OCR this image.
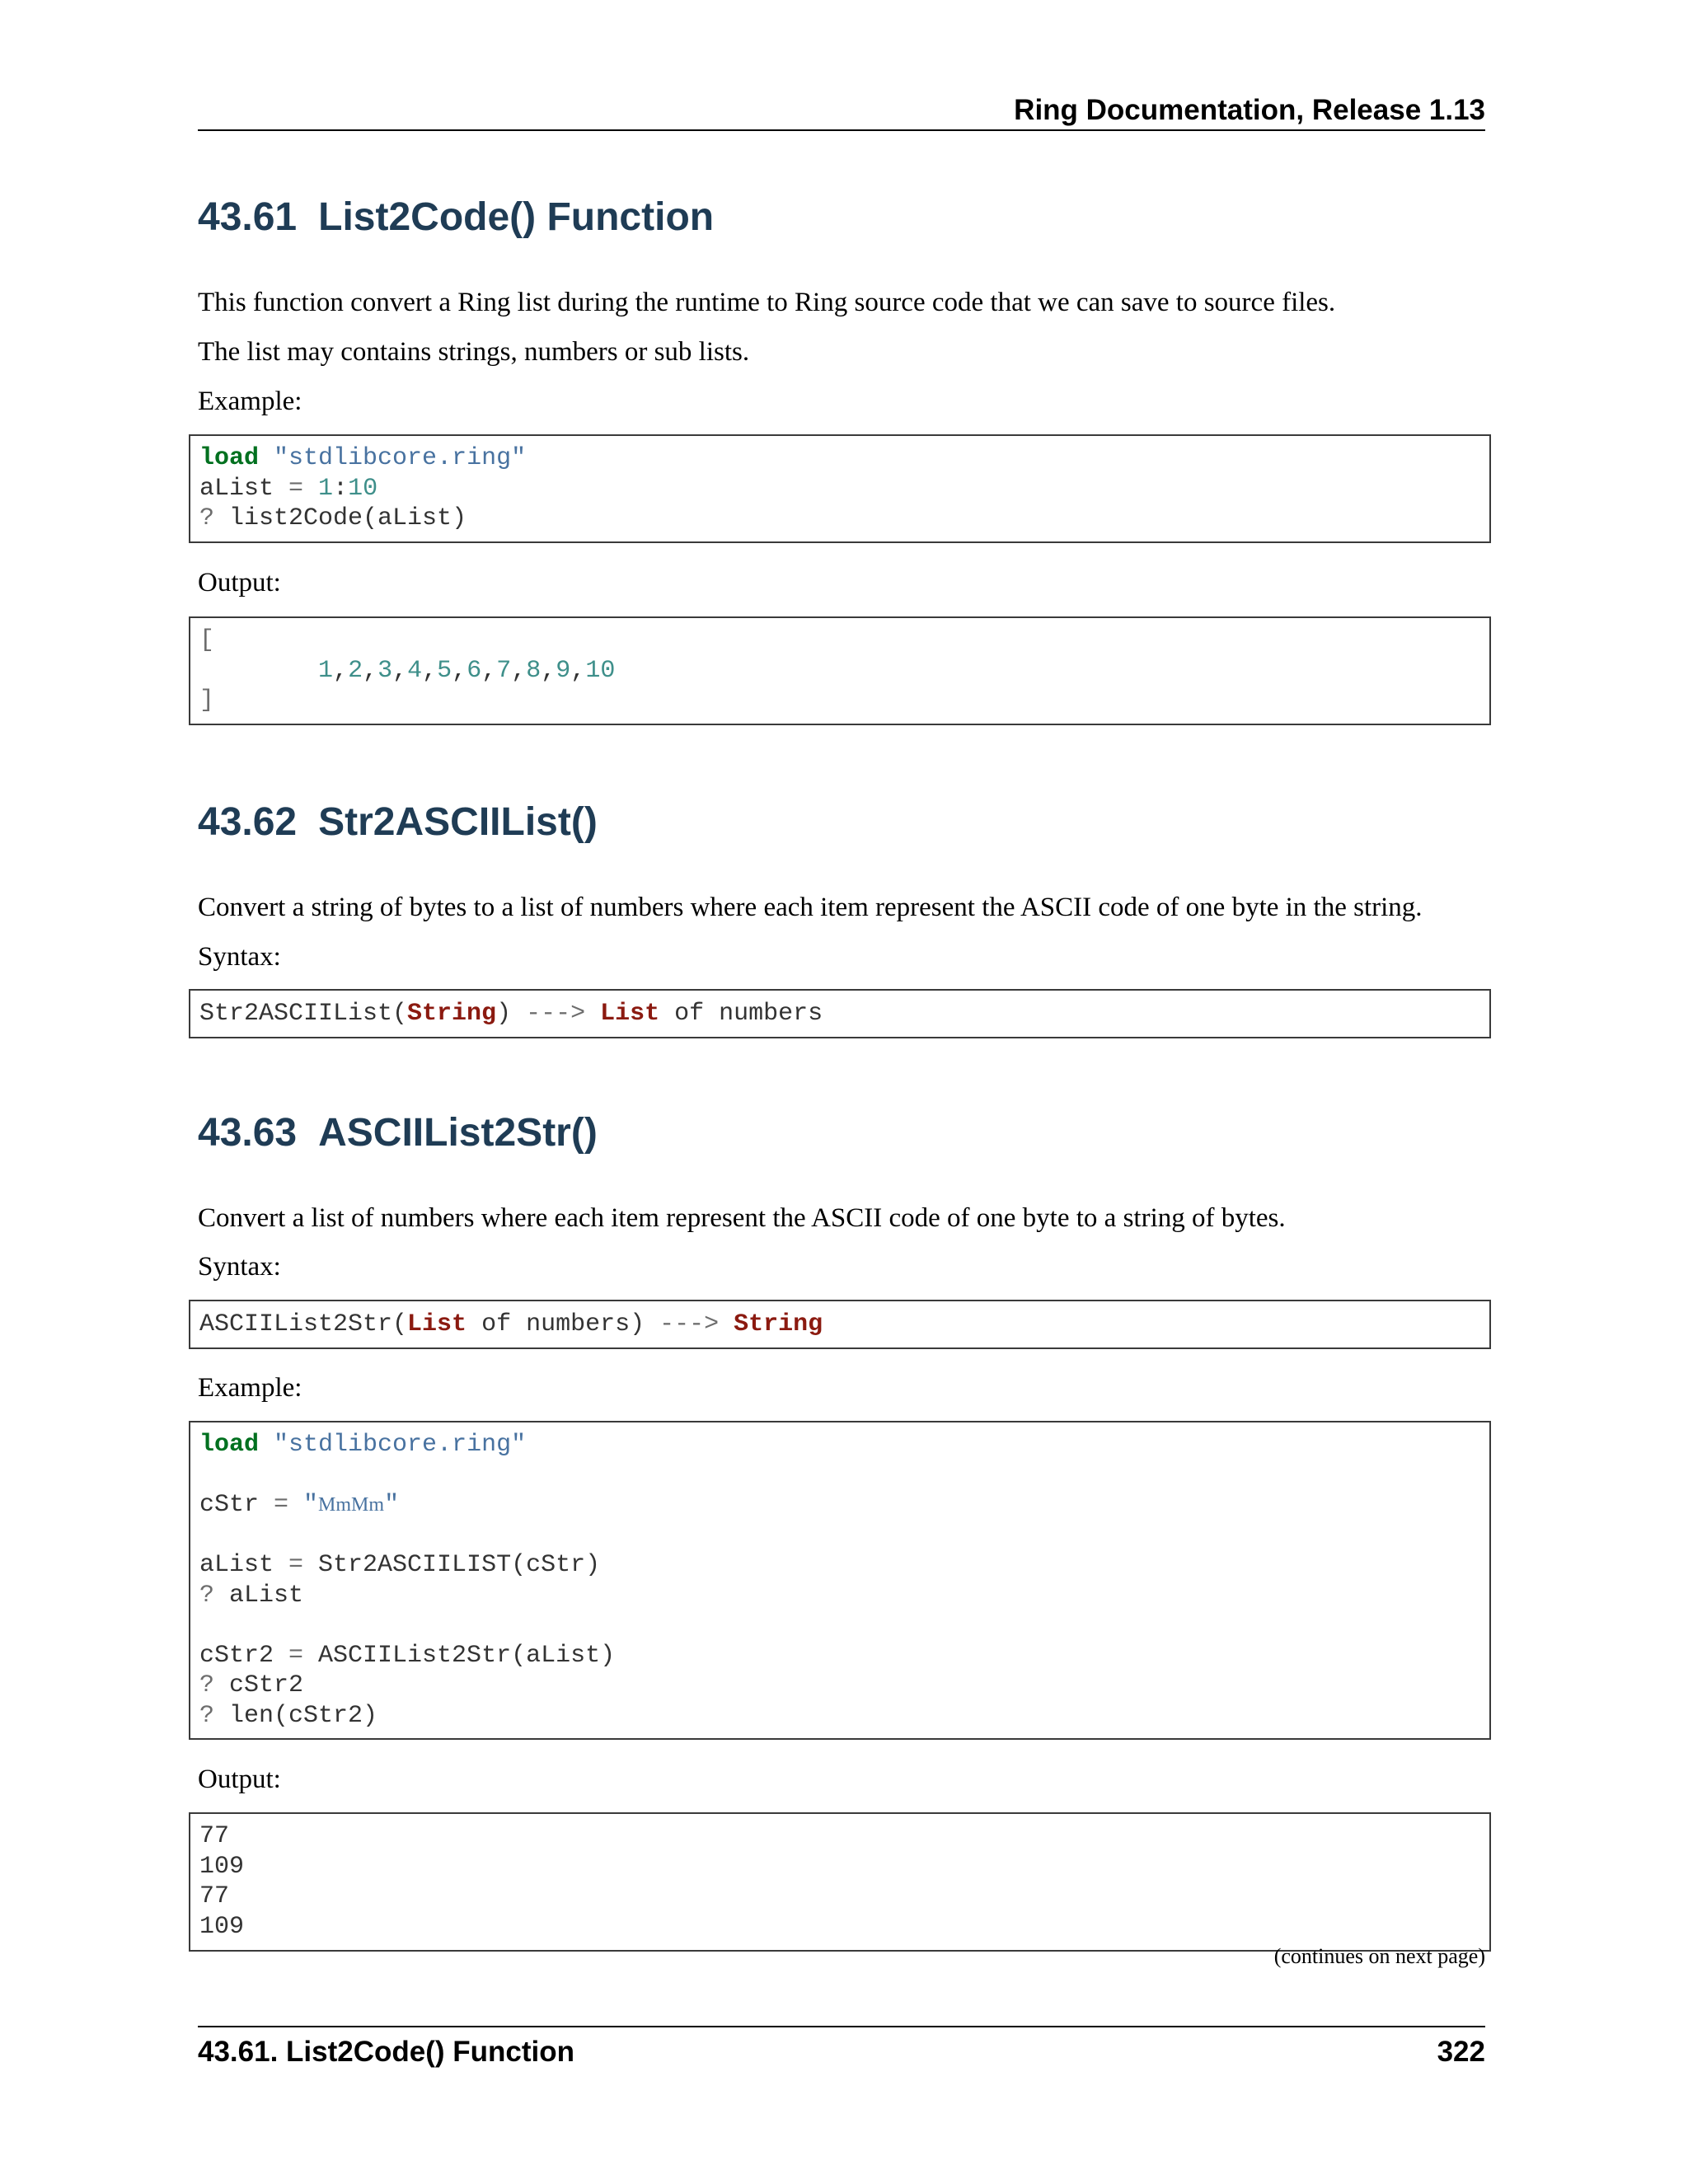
Ring Documentation, Release 1.13
43.61 List2Code() Function
This function convert a Ring list during the runtime to Ring source code that we can save to source files.
The list may contains strings, numbers or sub lists.
Example:
load "stdlibcore.ring"
aList = 1:10
? list2Code(aList)
Output:
[
1,2,3,4,5,6,7,8,9,10
]
43.62 Str2ASCIIList()
Convert a string of bytes to a list of numbers where each item represent the ASCII code of one byte in the string.
Syntax:
Str2ASCIIList(String) ---> List of numbers
43.63 ASCIIList2Str()
Convert a list of numbers where each item represent the ASCII code of one byte to a string of bytes.
Syntax:
ASCIIList2Str(List of numbers) ---> String
Example:
load "stdlibcore.ring"
cStr = "MmMm"
aList = Str2ASCIILIST(cStr)
? aList
cStr2 = ASCIIList2Str(aList)
? cStr2
? len(cStr2)
Output:
77
109
77
109
(continues on next page)
43.61. List2Code() Function	322
